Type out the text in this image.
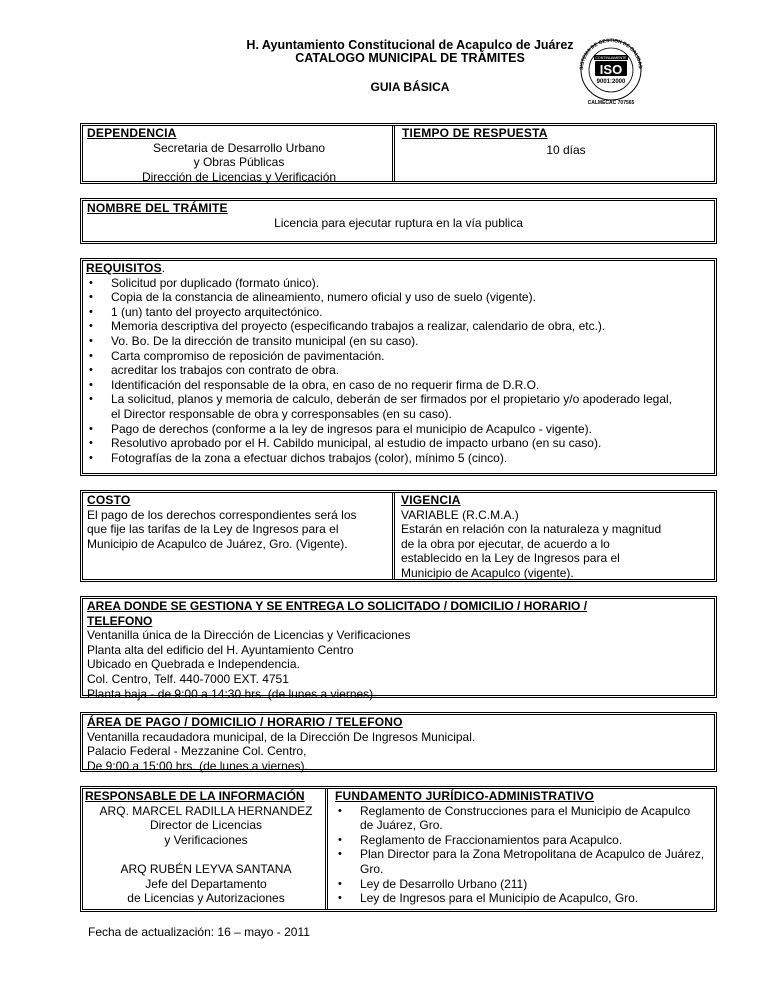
H. Ayuntamiento Constitucional de Acapulco de Juárez
CATALOGO MUNICIPAL DE TRÁMITES
GUIA BÁSICA
SISTEMA DE GESTION DE CALIDAD
CONTINUAMENTE
ISO
9001:2000
CALMECAC 707565
DEPENDENCIA
Secretaria de Desarrollo Urbano
y Obras Públicas
Dirección de Licencias y Verificación
TIEMPO DE RESPUESTA
10 días
NOMBRE DEL TRÁMITE
Licencia para ejecutar ruptura en la vía publica
REQUISITOS.
• Solicitud por duplicado (formato único).
• Copia de la constancia de alineamiento, numero oficial y uso de suelo (vigente).
• 1 (un) tanto del proyecto arquitectónico.
• Memoria descriptiva del proyecto (especificando trabajos a realizar, calendario de obra, etc.).
• Vo. Bo. De la dirección de transito municipal (en su caso).
• Carta compromiso de reposición de pavimentación.
• acreditar los trabajos con contrato de obra.
• Identificación del responsable de la obra, en caso de no requerir firma de D.R.O.
• La solicitud, planos y memoria de calculo, deberán de ser firmados por el propietario y/o apoderado legal, el Director responsable de obra y corresponsables (en su caso).
• Pago de derechos (conforme a la ley de ingresos para el municipio de Acapulco - vigente).
• Resolutivo aprobado por el H. Cabildo municipal, al estudio de impacto urbano (en su caso).
• Fotografías de la zona a efectuar dichos trabajos (color), mínimo 5 (cinco).
COSTO
El pago de los derechos correspondientes será los
que fije las tarifas de la Ley de Ingresos para el
Municipio de Acapulco de Juárez, Gro. (Vigente).
VIGENCIA
VARIABLE (R.C.M.A.)
Estarán en relación con la naturaleza y magnitud
de la obra por ejecutar, de acuerdo a lo
establecido en la Ley de Ingresos para el
Municipio de Acapulco (vigente).
AREA DONDE SE GESTIONA Y SE ENTREGA LO SOLICITADO / DOMICILIO / HORARIO /
TELEFONO
Ventanilla única de la Dirección de Licencias y Verificaciones
Planta alta del edificio del H. Ayuntamiento Centro
Ubicado en Quebrada e Independencia.
Col. Centro, Telf. 440-7000 EXT. 4751
Planta baja - de 9:00 a 14:30 hrs. (de lunes a viernes).
ÁREA DE PAGO / DOMICILIO / HORARIO / TELEFONO
Ventanilla recaudadora municipal, de la Dirección De Ingresos Municipal.
Palacio Federal - Mezzanine Col. Centro,
De 9:00 a 15:00 hrs. (de lunes a viernes).
RESPONSABLE DE LA INFORMACIÓN
ARQ. MARCEL RADILLA HERNANDEZ
Director de Licencias
y Verificaciones
ARQ RUBÉN LEYVA SANTANA
Jefe del Departamento
de Licencias y Autorizaciones
FUNDAMENTO JURÍDICO-ADMINISTRATIVO
• Reglamento de Construcciones para el Municipio de Acapulco de Juárez, Gro.
• Reglamento de Fraccionamientos para Acapulco.
• Plan Director para la Zona Metropolitana de Acapulco de Juárez, Gro.
• Ley de Desarrollo Urbano (211)
• Ley de Ingresos para el Municipio de Acapulco, Gro.
Fecha de actualización: 16 – mayo - 2011
